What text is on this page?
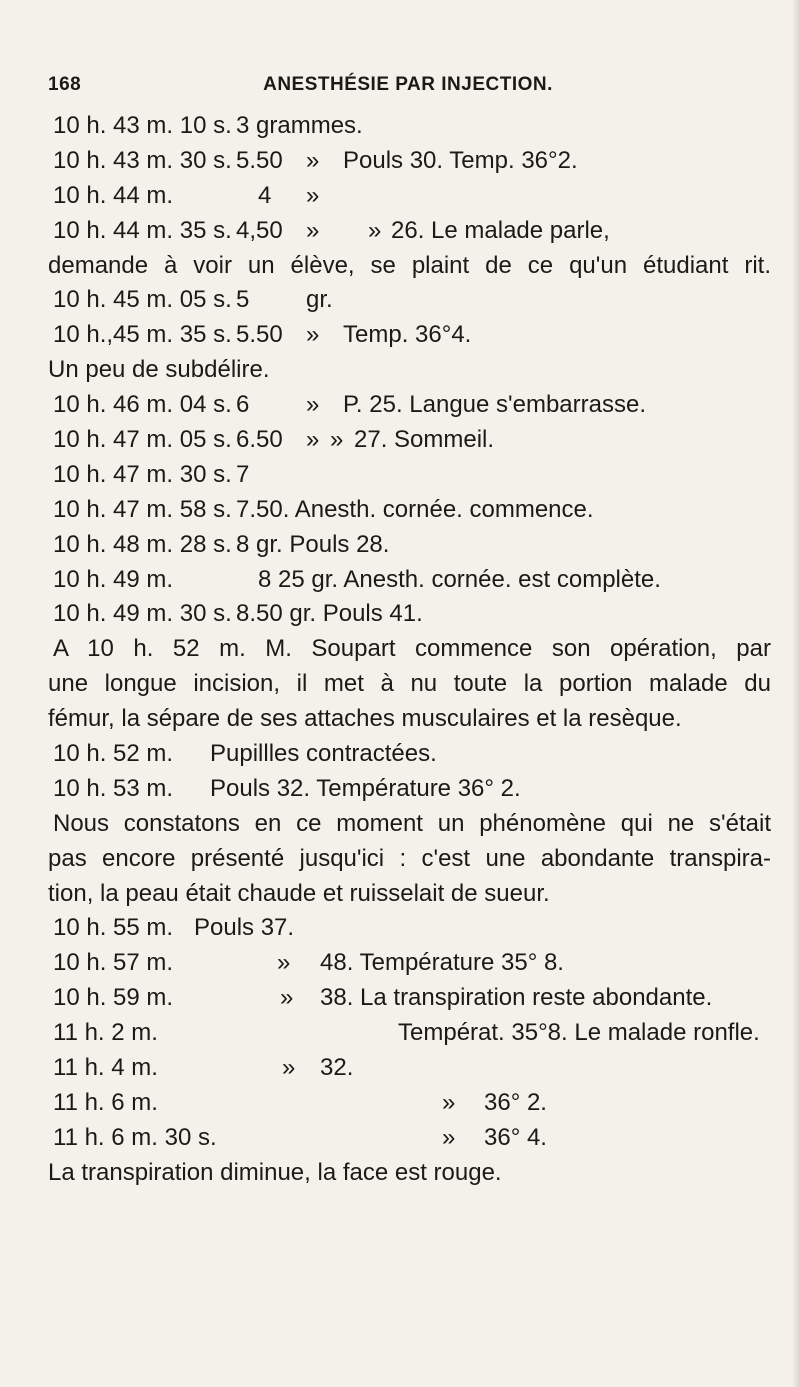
168	ANESTHÉSIE PAR INJECTION.
10 h. 43 m. 10 s. 3 grammes.
10 h. 43 m. 30 s. 5.50 » Pouls 30. Temp. 36°2.
10 h. 44 m.	4 »
10 h. 44 m. 35 s. 4,50 » » 26. Le malade parle,
demande à voir un élève, se plaint de ce qu'un étudiant rit.
10 h. 45 m. 05 s. 5 gr.
10 h.,45 m. 35 s. 5.50 » Temp. 36°4.
Un peu de subdélire.
10 h. 46 m. 04 s. 6 » P. 25. Langue s'embarrasse.
10 h. 47 m. 05 s. 6.50 » » 27. Sommeil.
10 h. 47 m. 30 s. 7
10 h. 47 m. 58 s. 7.50. Anesth. cornée. commence.
10 h. 48 m. 28 s. 8 gr. Pouls 28.
10 h. 49 m.	8 25 gr. Anesth. cornée. est complète.
10 h. 49 m. 30 s. 8.50 gr. Pouls 41.
A 10 h. 52 m. M. Soupart commence son opération, par
une longue incision, il met à nu toute la portion malade du
fémur, la sépare de ses attaches musculaires et la resèque.
10 h. 52 m. Pupillles contractées.
10 h. 53 m. Pouls 32. Température 36° 2.
Nous constatons en ce moment un phénomène qui ne s'était
pas encore présenté jusqu'ici : c'est une abondante transpira-
tion, la peau était chaude et ruisselait de sueur.
10 h. 55 m. Pouls 37.
10 h. 57 m.	» 48. Température 35° 8.
10 h. 59 m.	» 38. La transpiration reste abondante.
11 h. 2 m.	Températ. 35°8. Le malade ronfle.
11 h. 4 m.	» 32.
11 h. 6 m.	» 36° 2.
11 h. 6 m. 30 s.	» 36° 4.
La transpiration diminue, la face est rouge.
